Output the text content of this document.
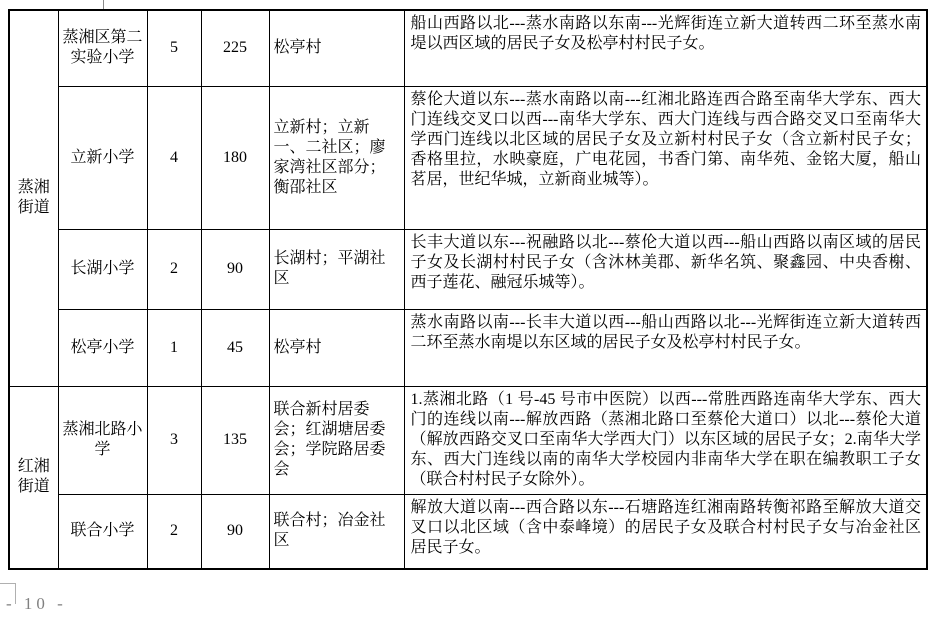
蒸湘街道	蒸湘区第二实验小学	5	225	松亭村	船山西路以北---蒸水南路以东南---光辉街连立新大道转西二环至蒸水南堤以西区域的居民子女及松亭村村民子女。
	立新小学	4	180	立新村；立新一、二社区；廖家湾社区部分；衡邵社区	蔡伦大道以东---蒸水南路以南---红湘北路连西合路至南华大学东、西大门连线交叉口以西---南华大学东、西大门连线与西合路交叉口至南华大学西门连线以北区域的居民子女及立新村村民子女（含立新村民子女；香格里拉，水映豪庭，广电花园，书香门第、南华苑、金铭大厦，船山茗居，世纪华城，立新商业城等）。
	长湖小学	2	90	长湖村；平湖社区	长丰大道以东---祝融路以北---蔡伦大道以西---船山西路以南区域的居民子女及长湖村村民子女（含沐林美郡、新华名筑、聚鑫园、中央香榭、西子莲花、融冠乐城等）。
	松亭小学	1	45	松亭村	蒸水南路以南---长丰大道以西---船山西路以北---光辉街连立新大道转西二环至蒸水南堤以东区域的居民子女及松亭村村民子女。
红湘街道	蒸湘北路小学	3	135	联合新村居委会；红湖塘居委会；学院路居委会	1.蒸湘北路（1 号-45 号市中医院）以西---常胜西路连南华大学东、西大门的连线以南---解放西路（蒸湘北路口至蔡伦大道口）以北---蔡伦大道（解放西路交叉口至南华大学西大门）以东区域的居民子女；2.南华大学东、西大门连线以南的南华大学校园内非南华大学在职在编教职工子女（联合村村民子女除外）。
	联合小学	2	90	联合村；冶金社区	解放大道以南---西合路以东---石塘路连红湘南路转衡祁路至解放大道交叉口以北区域（含中泰峰境）的居民子女及联合村村民子女与冶金社区居民子女。
- 10 -
